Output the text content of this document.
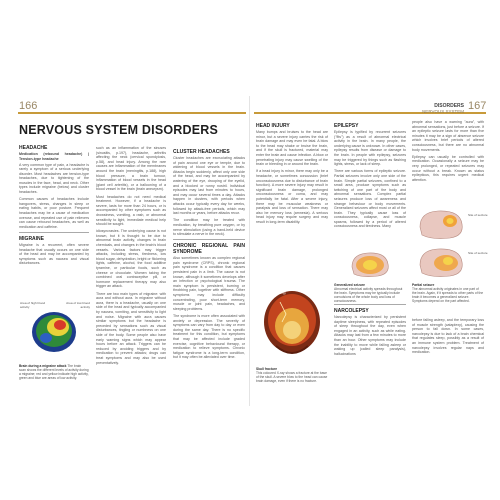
166
NERVOUS SYSTEM DISORDERS
HEADACHE
Medication (rebound headache) | Tension-type headache

A very common type of pain, a headache is rarely a symptom of a serious underlying disorder. Most headaches are tension-type headaches, due to tightening of the muscles in the face, head, and neck. Other types include migraine (below) and cluster headaches.

Common causes of headaches include hangovers, stress, changes in sleep or eating habits, or poor posture. Frequent headaches may be a cause of medication overuse, and repeated use of pain relievers can cause rebound headaches, as well as medication and caffeine.

MIGRAINE

Migraine is a recurrent, often severe headache that usually occurs on one side of the head and may be accompanied by symptoms such as nausea and visual disturbances.

Area of high blood activity
Area of low blood activity
Brain during a migraine attack The brain scan shows the different levels of activity during a migraine; red and yellow indicate high activity, green and blue are areas of low activity.

such as an inflammation of the sinuses (sinusitis, p.197), headache, arthritis affecting the neck (cervical spondylosis, p.58), and head injury. Among the rare causes are inflammation of the membranes around the brain (meningitis, p.188), high blood pressure, a brain tumour, inflammation of blood vessels in the head (giant cell arteritis), or a ballooning of a blood vessel in the brain (brain aneurysm).

Most headaches do not need medical treatment. However, if a headache is severe, lasts for more than 24 hours, or is accompanied by other symptoms such as drowsiness, vomiting, a rash, or abnormal sensitivity to light, immediate medical help should be sought.

idiosyncrasies. The underlying cause is not known, but it is thought to be due to abnormal brain activity, changes in brain chemicals, and changes in the brain's blood vessels. Various factors may trigger attacks, including stress, tiredness, low blood sugar, dehydration, bright or flickering lights, caffeine, alcohol, the food additive tyramine, or particular foods, such as cheese or chocolate. Women taking the combined oral contraceptive pill, or hormone replacement therapy may also trigger an attack.

There are two main types of migraine: with aura and without aura. In migraine without aura, there is a headache, usually on one side of the head and typically accompanied by nausea, vomiting, and sensitivity to light and noise. Migraine with aura causes similar symptoms but the headache is preceded by sensations such as visual disturbances, tingling or numbness on one side of the body. Some people also have early warning signs which may appear hours before an attack. Triggers can be reduced by avoiding triggers and by medication to prevent attacks; drugs can treat symptoms and may also be used preventatively.

CLUSTER HEADACHES

Cluster headaches are excruciating attacks of pain around one eye or temple, due to widening of blood vessels in the brain. Attacks begin suddenly, affect only one side of the head, and may be accompanied by watering of the eye, drooping of the eyelid, and a blocked or runny nostril. Individual episodes may last from minutes to hours, and may occur several times a day. Attacks happen in clusters, with periods when attacks occur typically every day for weeks, followed by attack-free periods, which may last months or years, before attacks recur.

The condition may be treated with medication, by breathing pure oxygen, or by nerve stimulation (using a hand-held device to stimulate a nerve in the neck).

CHRONIC REGIONAL PAIN SYNDROME

Also sometimes known as complex regional pain syndrome (CRPS), chronic regional pain syndrome is a condition that causes persistent pain in a limb. The cause is not known, although it sometimes develops after an infection or psychological trauma. The main symptom is persistent, burning or throbbing pain, together with stiffness. Other symptoms may include difficulty concentrating, poor short-term memory, muscle or joint pain, headaches, and sleeping problems.

The syndrome is more often associated with anxiety or depression. The severity of symptoms can vary from day to day or even during the same day. There is no specific treatment for this condition, but symptoms that may be affected include graded exercise, cognitive behavioural therapy, or medication to relieve symptoms. Chronic fatigue syndrome is a long-term condition, but it may often be alleviated over time.

167
DISORDERS
NERVOUS SYSTEM
HEAD INJURY

Many bumps and bruises to the head are minor, but a severe injury carries the risk of brain damage and may even be fatal. A blow to the head may shake or bruise the brain, and if the skull is fractured, material may enter the brain and cause infection. A blow or penetrating injury may cause swelling of the brain or bleeding in or around the brain.

If a head injury is minor, there may only be a headache, or sometimes concussion (brief unconsciousness due to disturbance of brain function). A more severe injury may result in significant brain damage, prolonged unconsciousness or coma, and may potentially be fatal. After a severe injury, there may be muscular weakness or paralysis and loss of sensation. There may also be memory loss (amnesia). A serious head injury may require surgery and may result in long-term disability.

Contusion (bruising) of the brain
Skull fracture
This coloured X-ray shows a fracture at the base of the skull. A severe blow to the head can cause brain damage, even if there is no fracture.
EPILEPSY

Epilepsy is typified by recurrent seizures ("fits") as a result of abnormal electrical activity in the brain. In many people, the underlying cause is unknown. In other cases, epilepsy results from disease or damage to the brain. In people with epilepsy, seizures may be triggered by things such as flashing lights, stress, or lack of sleep.

There are various forms of epileptic seizure. Partial seizures involve only one side of the brain. Simple partial seizures, confined to a small area, produce symptoms such as twitching of one part of the body and abnormal sensations. Complex partial seizures produce loss of awareness and strange behaviour or body movements. Generalized seizures affect most or all of the brain. They typically cause loss of consciousness, collapse, and muscle spasms, followed by a period of altered consciousness and tiredness. Many

Generalized seizure
Abnormal electrical activity spreads throughout the brain. Symptoms may be typically include convulsions of the whole body and loss of consciousness.
NARCOLEPSY

Narcolepsy is characterized by persistent daytime sleepiness, with repeated episodes of sleep throughout the day, even when engaged in an activity, such as while eating. Attacks may last from a few minutes to more than an hour. Other symptoms may include the inability to move while falling asleep or waking up (called sleep paralysis), hallucinations

people also have a warning "aura", with abnormal sensations, just before a seizure. If an epileptic seizure lasts for more than five minutes it may be a sign of absence seizure which involves brief periods of altered consciousness, but there are no abnormal body movements.

Epilepsy can usually be controlled with medication. Occasionally a seizure may be very prolonged, or repeated seizures may occur without a break. Known as status epilepticus, this requires urgent medical attention.

Site of seizure
Site of seizure
Partial seizure
The abnormal activity originates in one part of the brain. Again, if it spreads to other parts of the brain it becomes a generalized seizure. Symptoms depend on the part affected.

before falling asleep, and the temporary loss of muscle strength (cataplexy), causing the person to fall down. In some cases, narcolepsy is due to lack of a brain chemical that regulates sleep, possibly as a result of an immune system problem. Treatment of narcolepsy involves regular naps and medication.
